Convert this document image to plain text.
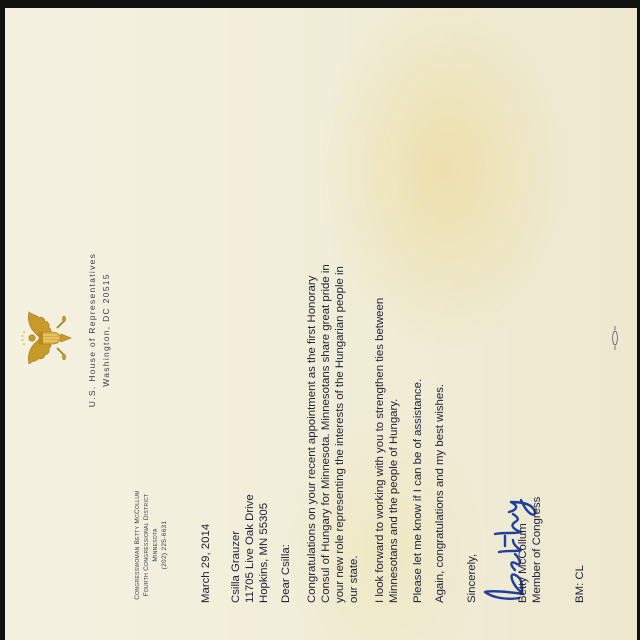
Congresswoman Betty McCollum Fourth Congressional District Minnesota (202) 225-6631
U.S. House of Representatives Washington, DC 20515
March 29, 2014 Csilla Grauzer 11705 Live Oak Drive Hopkins, MN 55305 Dear Csilla: Congratulations on your recent appointment as the first Honorary Consul of Hungary for Minnesota. Minnesotans share great pride in your new role representing the interests of the Hungarian people in our state. I look forward to working with you to strengthen ties between Minnesotans and the people of Hungary. Please let me know if I can be of assistance. Again, congratulations and my best wishes. Sincerely,	Betty McCollum Member of Congress	BM: CL
